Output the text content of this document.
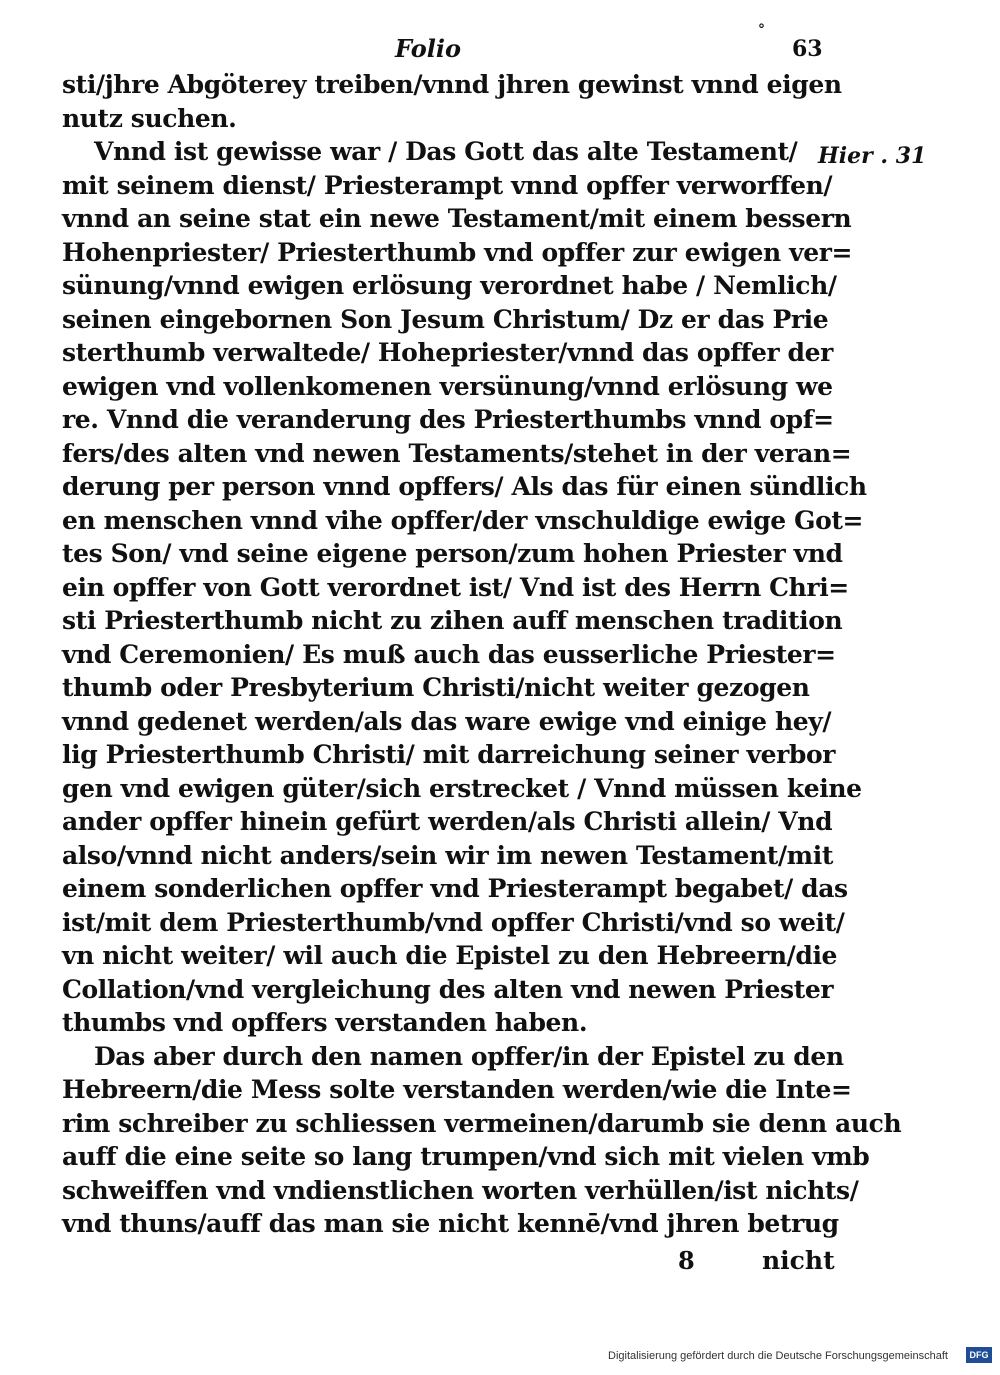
°
Folio	63
Hier . 31
sti/jhre Abgöterey treiben/vnnd jhren gewinst vnnd eigen
nutz suchen.
Vnnd ist gewisse war / Das Gott das alte Testament/
mit seinem dienst/ Priesterampt vnnd opffer verworffen/
vnnd an seine stat ein newe Testament/mit einem bessern
Hohenpriester/ Priesterthumb vnd opffer zur ewigen ver=
sünung/vnnd ewigen erlösung verordnet habe / Nemlich/
seinen eingebornen Son Jesum Christum/ Dz er das Prie
sterthumb verwaltede/ Hohepriester/vnnd das opffer der
ewigen vnd vollenkomenen versünung/vnnd erlösung we
re. Vnnd die veranderung des Priesterthumbs vnnd opf=
fers/des alten vnd newen Testaments/stehet in der veran=
derung per person vnnd opffers/ Als das für einen sündlich
en menschen vnnd vihe opffer/der vnschuldige ewige Got=
tes Son/ vnd seine eigene person/zum hohen Priester vnd
ein opffer von Gott verordnet ist/ Vnd ist des Herrn Chri=
sti Priesterthumb nicht zu zihen auff menschen tradition
vnd Ceremonien/ Es muß auch das eusserliche Priester=
thumb oder Presbyterium Christi/nicht weiter gezogen
vnnd gedenet werden/als das ware ewige vnd einige hey/
lig Priesterthumb Christi/ mit darreichung seiner verbor
gen vnd ewigen güter/sich erstrecket / Vnnd müssen keine
ander opffer hinein gefürt werden/als Christi allein/ Vnd
also/vnnd nicht anders/sein wir im newen Testament/mit
einem sonderlichen opffer vnd Priesterampt begabet/ das
ist/mit dem Priesterthumb/vnd opffer Christi/vnd so weit/
vn nicht weiter/ wil auch die Epistel zu den Hebreern/die
Collation/vnd vergleichung des alten vnd newen Priester
thumbs vnd opffers verstanden haben.
Das aber durch den namen opffer/in der Epistel zu den
Hebreern/die Mess solte verstanden werden/wie die Inte=
rim schreiber zu schliessen vermeinen/darumb sie denn auch
auff die eine seite so lang trumpen/vnd sich mit vielen vmb
schweiffen vnd vndienstlichen worten verhüllen/ist nichts/
vnd thuns/auff das man sie nicht kennē/vnd jhren betrug
8	nicht
Digitalisierung gefördert durch die Deutsche Forschungsgemeinschaft	DFG
